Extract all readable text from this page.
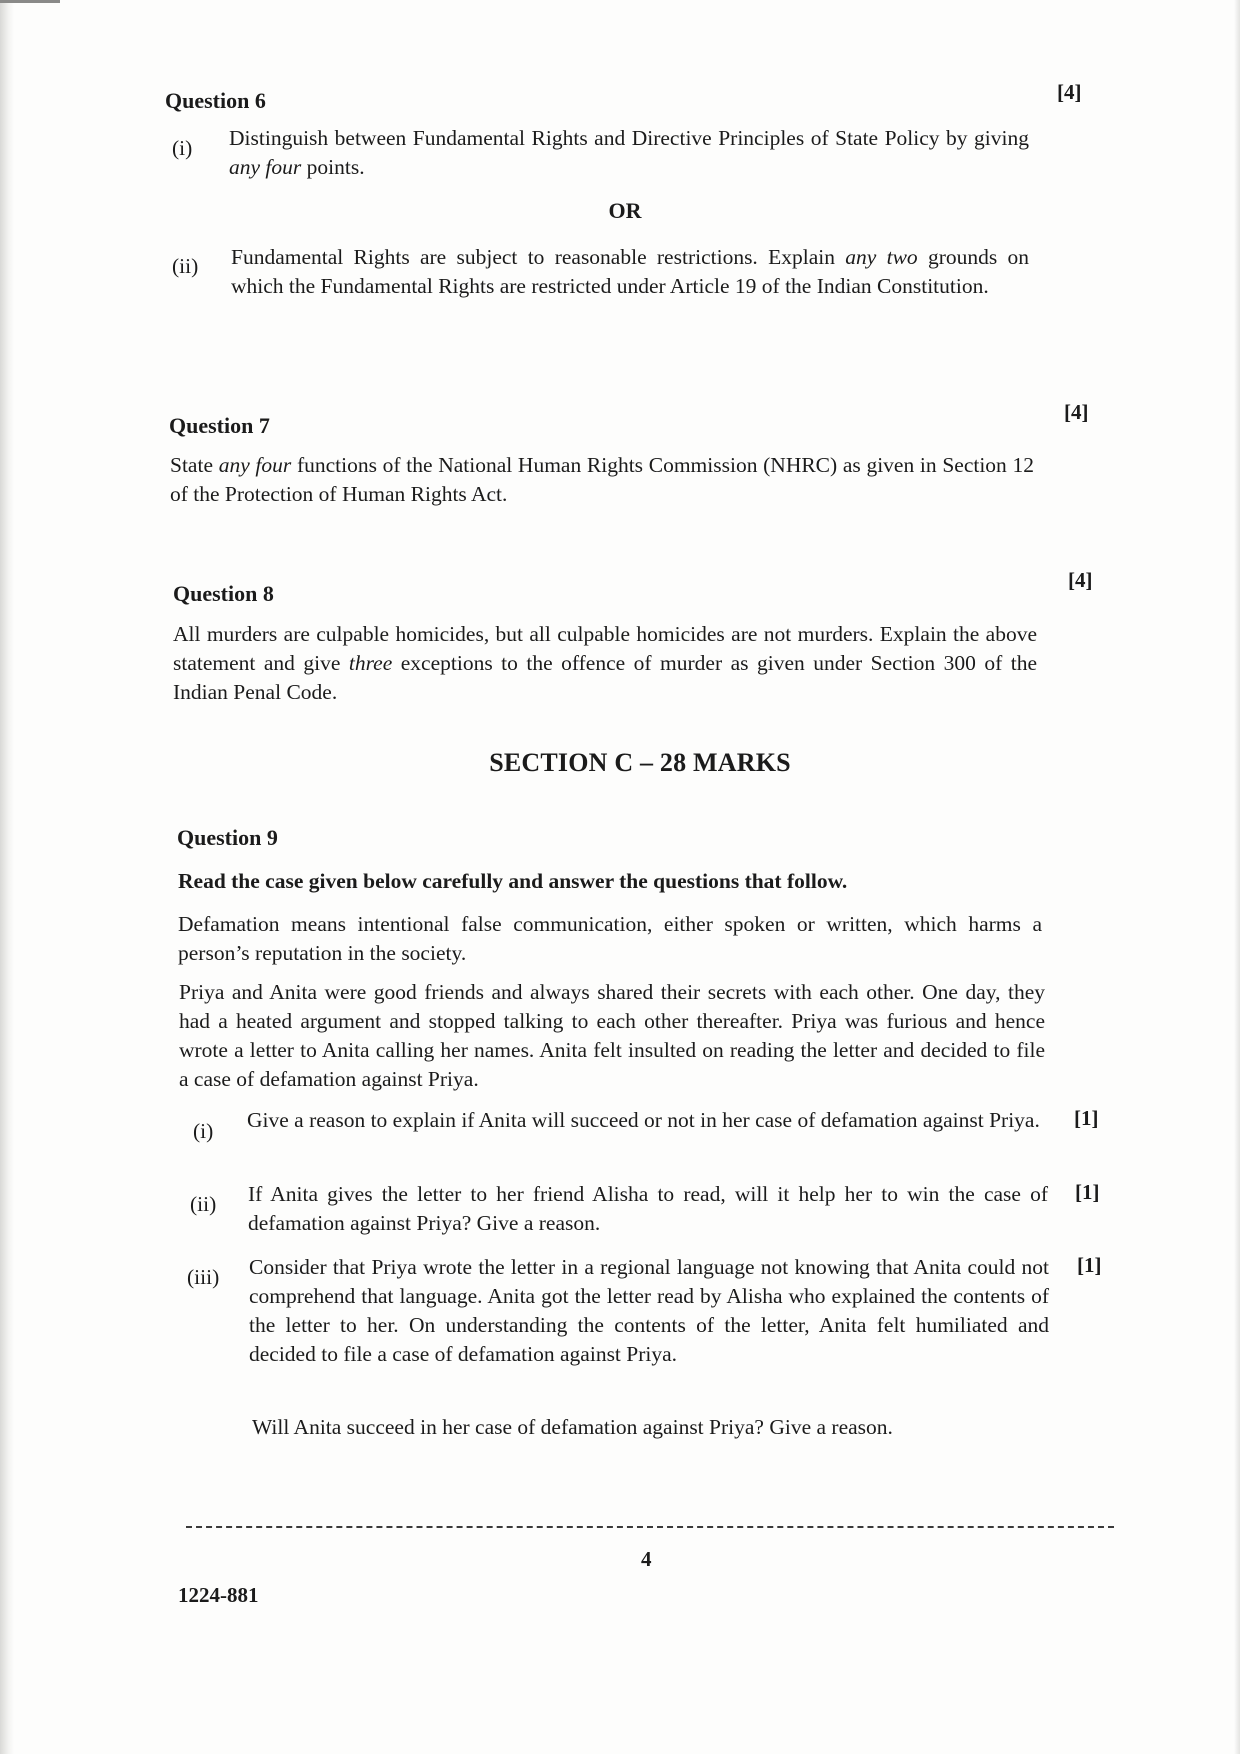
Question 6	[4]
(i) Distinguish between Fundamental Rights and Directive Principles of State Policy by giving any four points.
OR
(ii) Fundamental Rights are subject to reasonable restrictions. Explain any two grounds on which the Fundamental Rights are restricted under Article 19 of the Indian Constitution.
Question 7
[4]
State any four functions of the National Human Rights Commission (NHRC) as given in Section 12 of the Protection of Human Rights Act.
Question 8
[4]
All murders are culpable homicides, but all culpable homicides are not murders. Explain the above statement and give three exceptions to the offence of murder as given under Section 300 of the Indian Penal Code.
SECTION C – 28 MARKS
Question 9
Read the case given below carefully and answer the questions that follow.
Defamation means intentional false communication, either spoken or written, which harms a person’s reputation in the society.
Priya and Anita were good friends and always shared their secrets with each other. One day, they had a heated argument and stopped talking to each other thereafter. Priya was furious and hence wrote a letter to Anita calling her names. Anita felt insulted on reading the letter and decided to file a case of defamation against Priya.
(i) Give a reason to explain if Anita will succeed or not in her case of defamation against Priya.	[1]
(ii) If Anita gives the letter to her friend Alisha to read, will it help her to win the case of defamation against Priya? Give a reason.
[1]
(iii) Consider that Priya wrote the letter in a regional language not knowing that Anita could not comprehend that language. Anita got the letter read by Alisha who explained the contents of the letter to her. On understanding the contents of the letter, Anita felt humiliated and decided to file a case of defamation against Priya.
[1]
Will Anita succeed in her case of defamation against Priya? Give a reason.
4
1224-881
